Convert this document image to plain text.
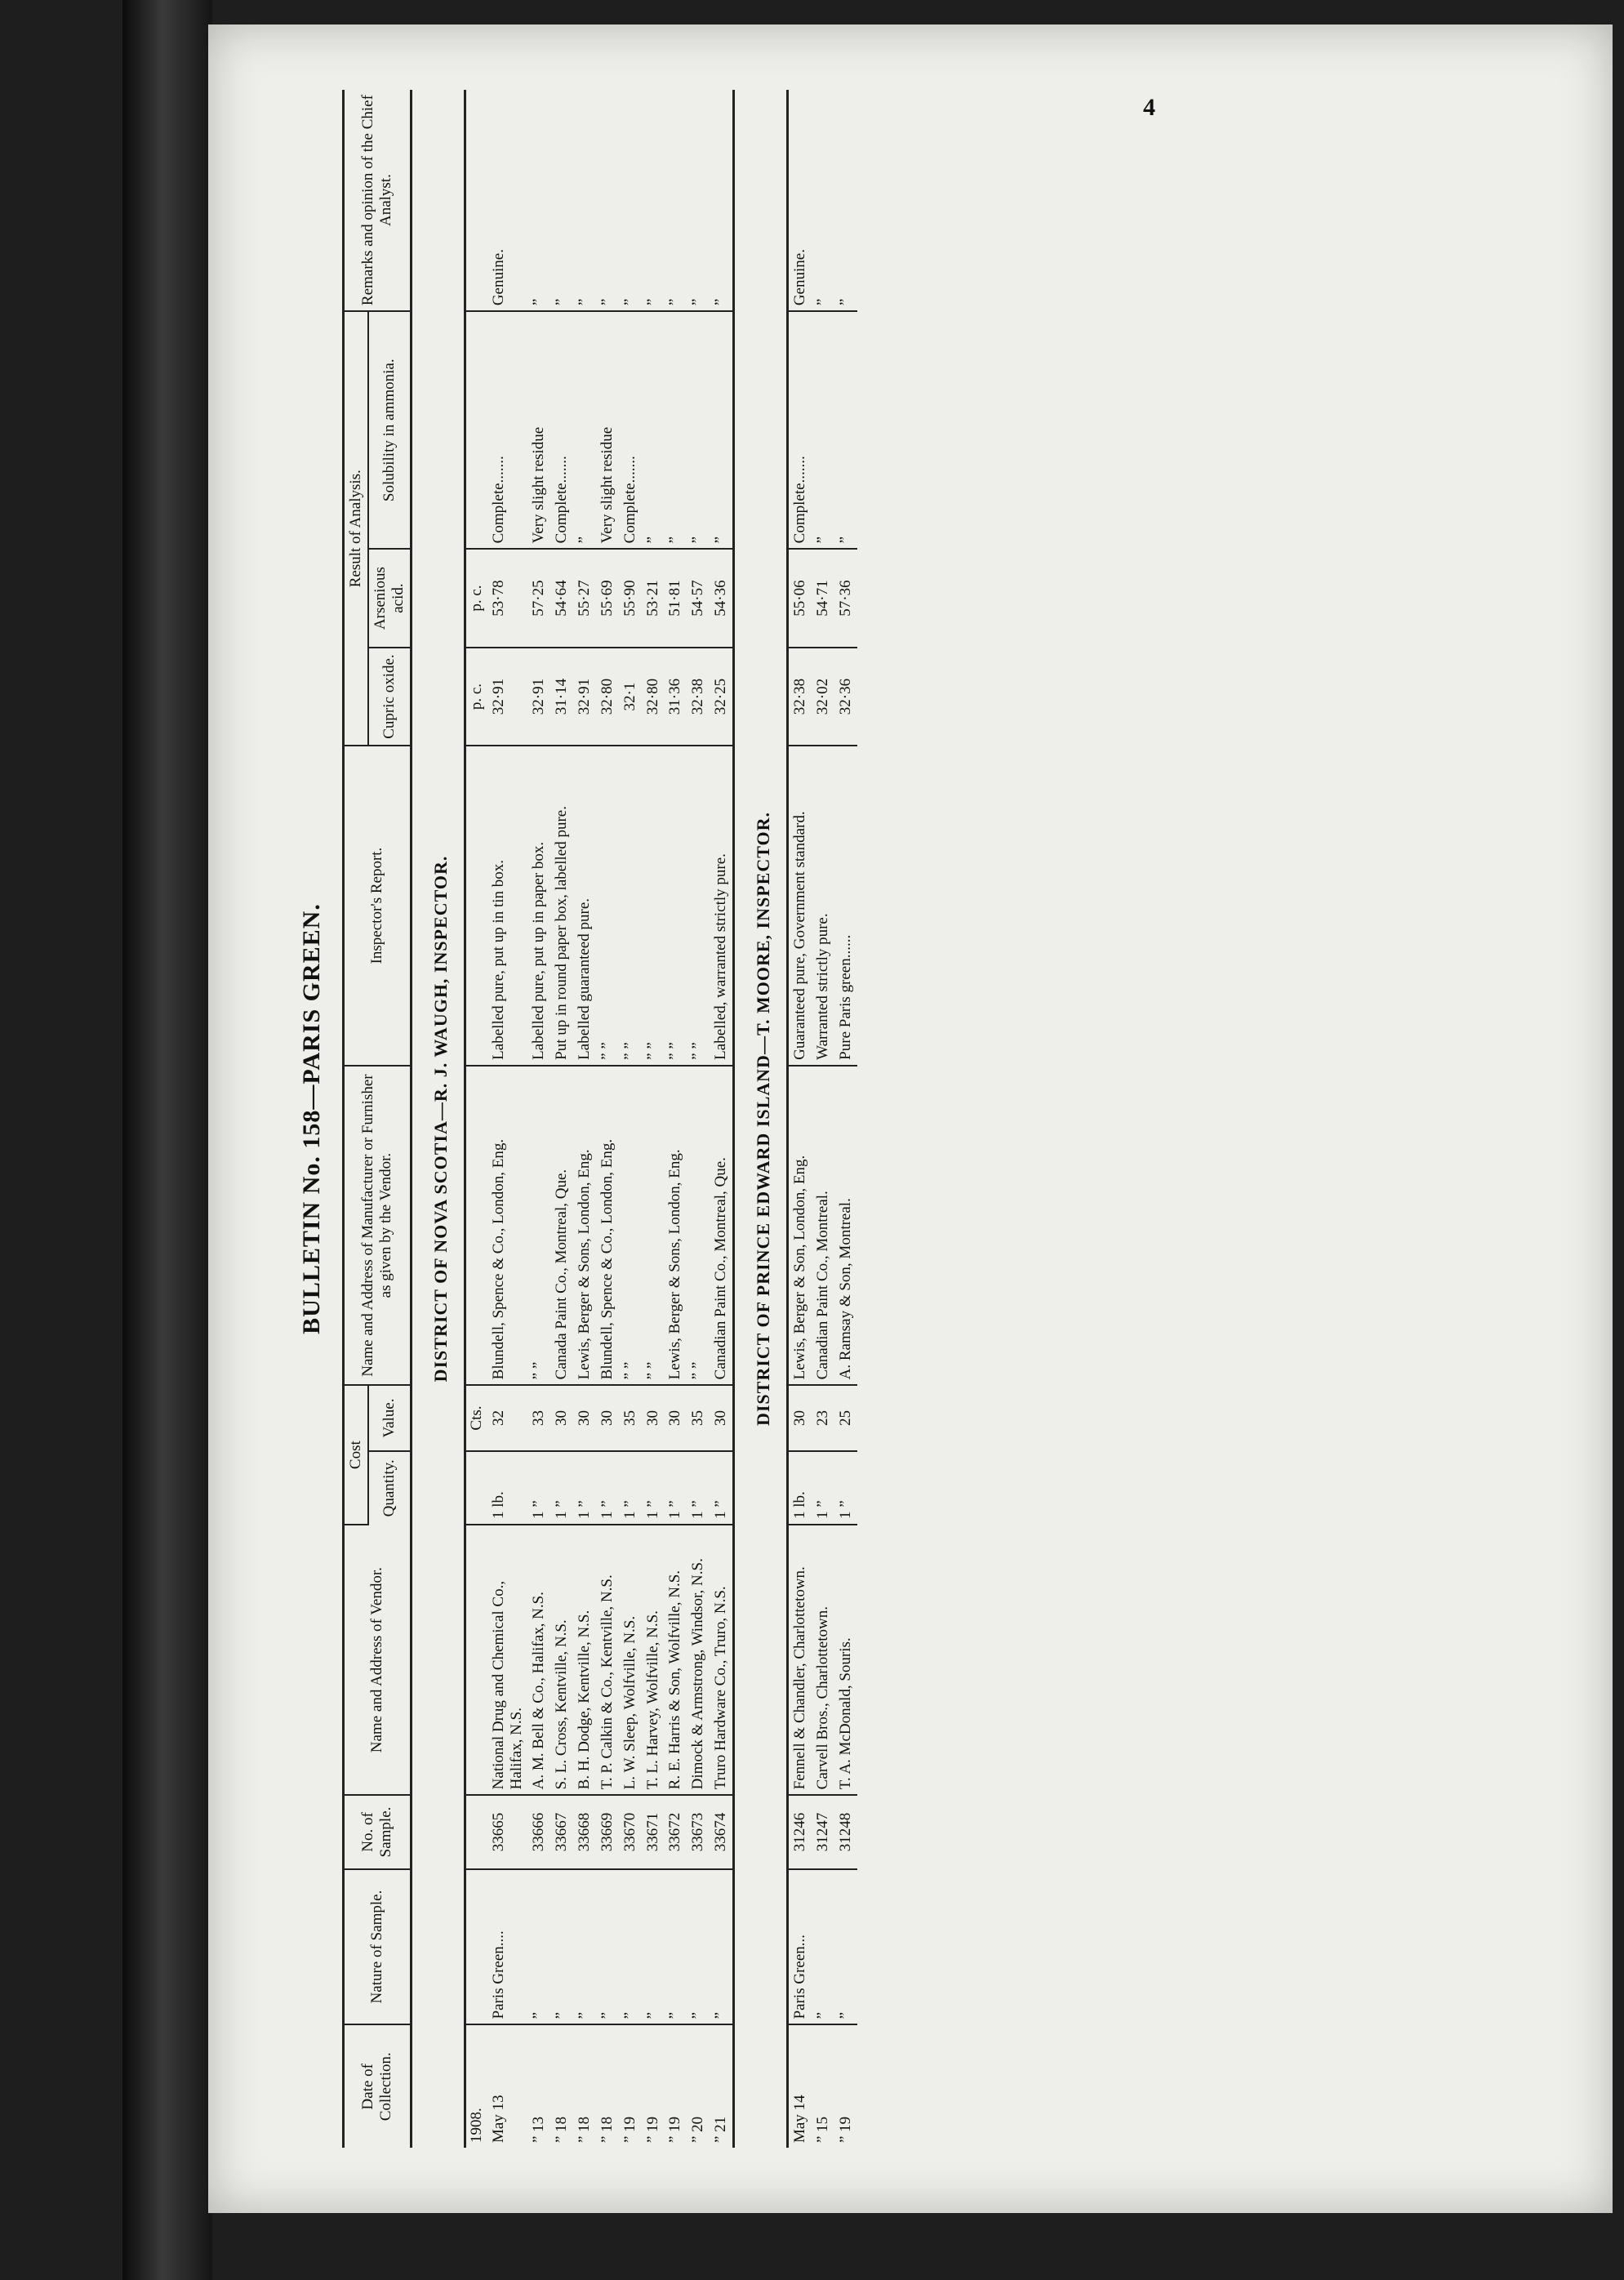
4
BULLETIN No. 158—PARIS GREEN.
Date of Collection.	Nature of Sample.	No. of Sample.	Name and Address of Vendor.	Cost		Name and Address of Manufacturer or Furnisher as given by the Vendor.	Inspector's Report.	Result of Analysis.			Remarks and opinion of the Chief Analyst.
				Quantity.	Value.			Cupric oxide.	Arsenious acid.	Solubility in ammonia.	
DISTRICT OF NOVA SCOTIA—R. J. WAUGH, INSPECTOR.											
1908.					Cts.			p. c.	p. c.		
May 13	Paris Green....	33665	National Drug and Chemical Co., Halifax, N.S.	1 lb.	32	Blundell, Spence & Co., London, Eng.	Labelled pure, put up in tin box.	32·91	53·78	Complete.......	Genuine.
” 13	”	33666	A. M. Bell & Co., Halifax, N.S.	1 ”	33	” ”	Labelled pure, put up in paper box.	32·91	57·25	Very slight residue	”
” 18	”	33667	S. L. Cross, Kentville, N.S.	1 ”	30	Canada Paint Co., Montreal, Que.	Put up in round paper box, labelled pure.	31·14	54·64	Complete.......	”
” 18	”	33668	B. H. Dodge, Kentville, N.S.	1 ”	30	Lewis, Berger & Sons, London, Eng.	Labelled guaranteed pure.	32·91	55·27	”	”
” 18	”	33669	T. P. Calkin & Co., Kentville, N.S.	1 ”	30	Blundell, Spence & Co., London, Eng.	” ”	32·80	55·69	Very slight residue	”
” 19	”	33670	L. W. Sleep, Wolfville, N.S.	1 ”	35	” ”	” ”	32·1	55·90	Complete.......	”
” 19	”	33671	T. L. Harvey, Wolfville, N.S.	1 ”	30	” ”	” ”	32·80	53·21	”	”
” 19	”	33672	R. E. Harris & Son, Wolfville, N.S.	1 ”	30	Lewis, Berger & Sons, London, Eng.	” ”	31·36	51·81	”	”
” 20	”	33673	Dimock & Armstrong, Windsor, N.S.	1 ”	35	” ”	” ”	32·38	54·57	”	”
” 21	”	33674	Truro Hardware Co., Truro, N.S.	1 ”	30	Canadian Paint Co., Montreal, Que.	Labelled, warranted strictly pure.	32·25	54·36	”	”
DISTRICT OF PRINCE EDWARD ISLAND—T. MOORE, INSPECTOR.											
May 14	Paris Green...	31246	Fennell & Chandler, Charlottetown.	1 lb.	30	Lewis, Berger & Son, London, Eng.	Guaranteed pure, Government standard.	32·38	55·06	Complete.......	Genuine.
” 15	”	31247	Carvell Bros., Charlottetown.	1 ”	23	Canadian Paint Co., Montreal.	Warranted strictly pure.	32·02	54·71	”	”
” 19	”	31248	T. A. McDonald, Souris.	1 ”	25	A. Ramsay & Son, Montreal.	Pure Paris green......	32·36	57·36	”	”
